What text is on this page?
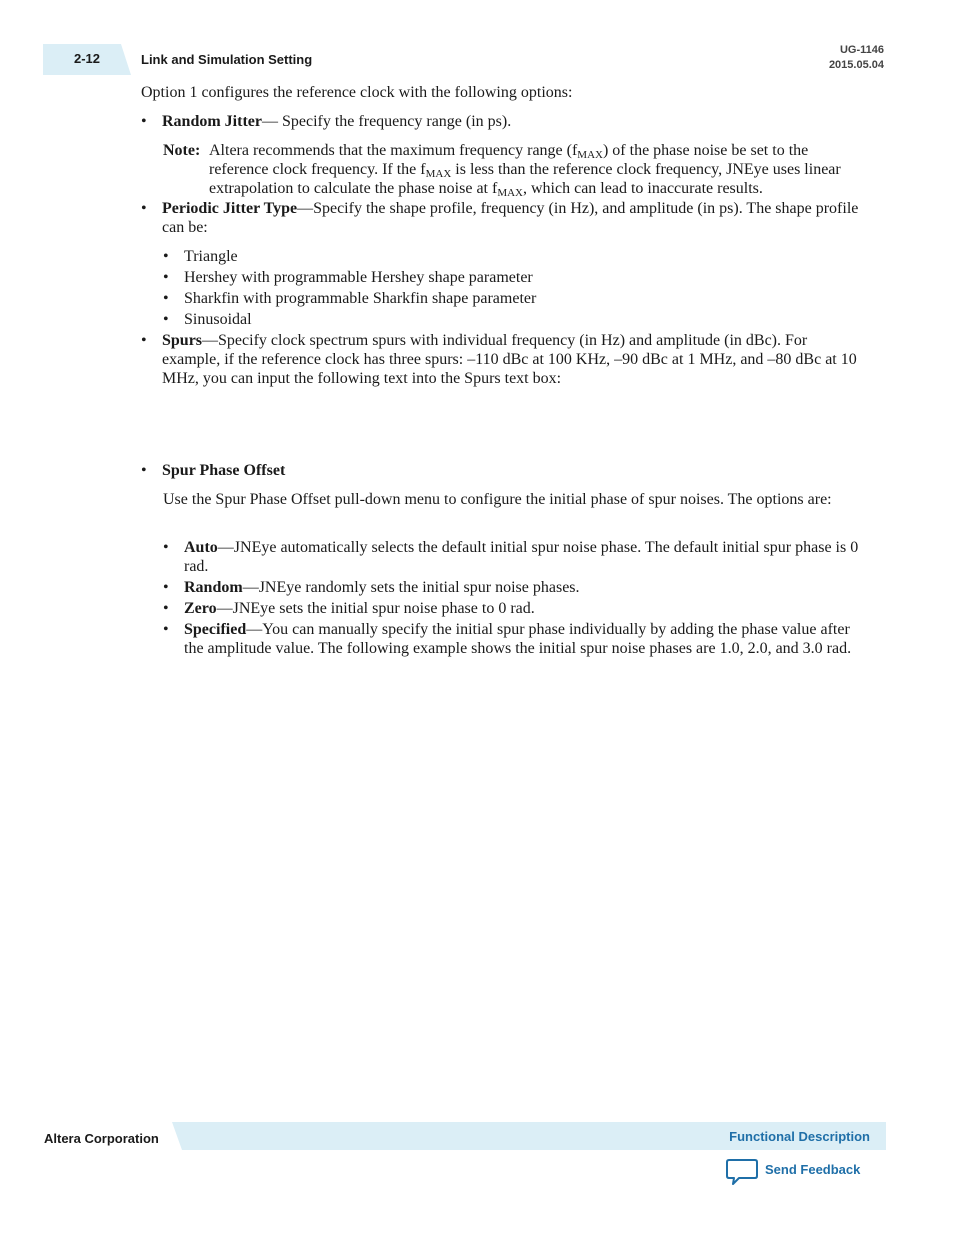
2-12	Link and Simulation Setting
UG-1146
2015.05.04
Option 1 configures the reference clock with the following options:
• Random Jitter— Specify the frequency range (in ps).
Note: Altera recommends that the maximum frequency range $(f_{MAX})$ of the phase noise be set to the reference clock frequency. If the $f_{MAX}$ is less than the reference clock frequency, JNEye uses linear extrapolation to calculate the phase noise at $f_{MAX}$, which can lead to inaccurate results.
• Periodic Jitter Type—Specify the shape profile, frequency (in Hz), and amplitude (in ps). The shape profile can be:
• Triangle
• Hershey with programmable Hershey shape parameter
• Sharkfin with programmable Sharkfin shape parameter
• Sinusoidal
• Spurs—Specify clock spectrum spurs with individual frequency (in Hz) and amplitude (in dBc). For example, if the reference clock has three spurs: –110 dBc at 100 KHz, –90 dBc at 1 MHz, and –80 dBc at 10 MHz, you can input the following text into the Spurs text box:
• Spur Phase Offset
Use the Spur Phase Offset pull-down menu to configure the initial phase of spur noises. The options are:
• Auto—JNEye automatically selects the default initial spur noise phase. The default initial spur phase is 0 rad.
• Random—JNEye randomly sets the initial spur noise phases.
• Zero—JNEye sets the initial spur noise phase to 0 rad.
• Specified—You can manually specify the initial spur phase individually by adding the phase value after the amplitude value. The following example shows the initial spur noise phases are 1.0, 2.0, and 3.0 rad.
Altera Corporation	Functional Description
Send Feedback
